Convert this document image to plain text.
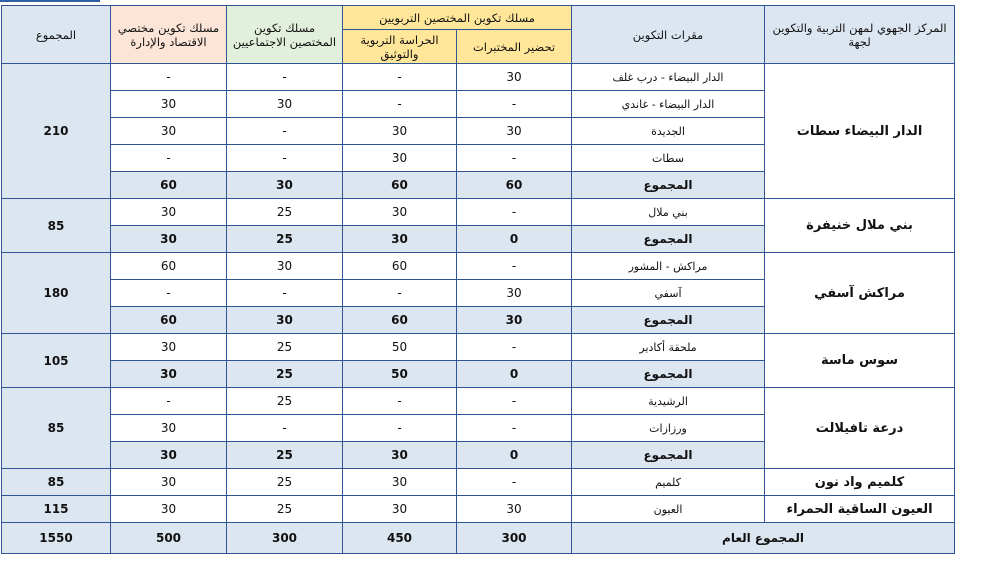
المركز الجهوي لمهن التربية والتكوين لجهة	مقرات التكوين	مسلك تكوين المختصين التربويين		مسلك تكوين المختصين الاجتماعيين	مسلك تكوين مختصي الاقتصاد والإدارة	المجموع
		تحضير المختبرات	الحراسة التربوية والتوثيق			
الدار البيضاء سطات	الدار البيضاء - درب غلف	30	-	-	-	210
	الدار البيضاء - غاندي	-	-	30	30	
	الجديدة	30	30	-	30	
	سطات	-	30	-	-	
	المجموع	60	60	30	60	
بني ملال خنيفرة	بني ملال	-	30	25	30	85
	المجموع	0	30	25	30	
مراكش آسفي	مراكش - المشور	-	60	30	60	180
	آسفي	30	-	-	-	
	المجموع	30	60	30	60	
سوس ماسة	ملحقة أكادير	-	50	25	30	105
	المجموع	0	50	25	30	
درعة تافيلالت	الرشيدية	-	-	25	-	85
	ورزازات	-	-	-	30	
	المجموع	0	30	25	30	
كلميم واد نون	كلميم	-	30	25	30	85
العيون الساقية الحمراء	العيون	30	30	25	30	115
المجموع العام		300	450	300	500	1550
